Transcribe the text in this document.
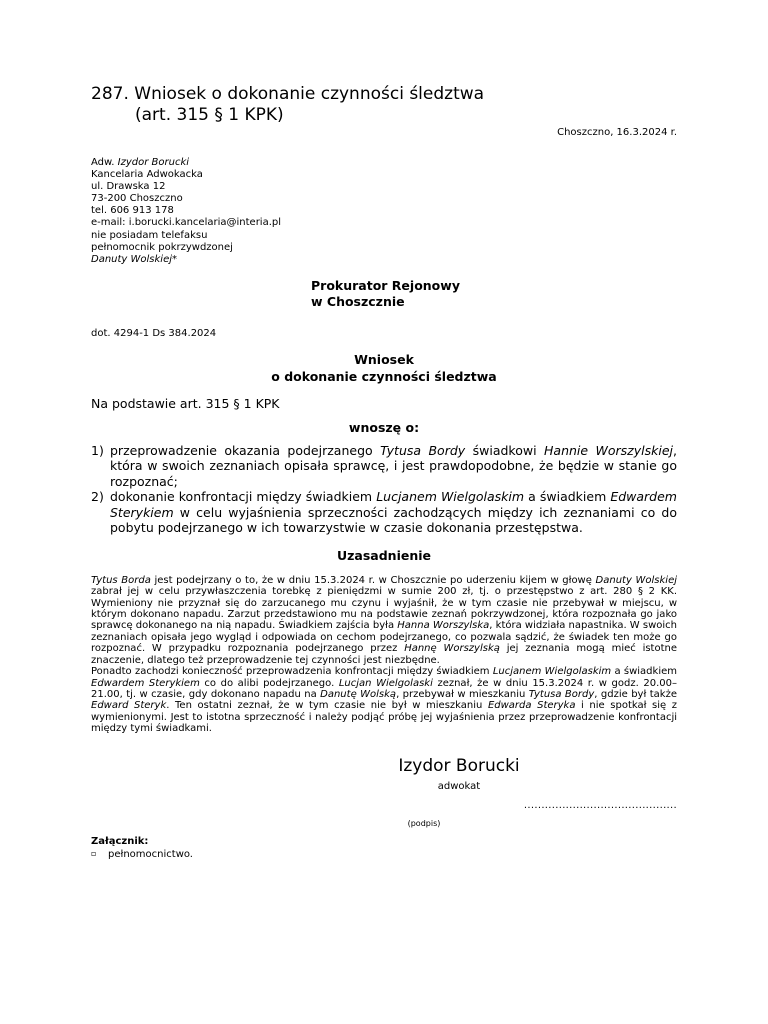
287. Wniosek o dokonanie czynności śledztwa
(art. 315 § 1 KPK)
Choszczno, 16.3.2024 r.
Adw. Izydor Borucki
Kancelaria Adwokacka
ul. Drawska 12
73-200 Choszczno
tel. 606 913 178
e-mail: i.borucki.kancelaria@interia.pl
nie posiadam telefaksu
pełnomocnik pokrzywdzonej
Danuty Wolskiej*
Prokurator Rejonowy
w Choszcznie
dot. 4294-1 Ds 384.2024
Wniosek
o dokonanie czynności śledztwa
Na podstawie art. 315 § 1 KPK
wnoszę o:
1) przeprowadzenie okazania podejrzanego Tytusa Bordy świadkowi Hannie Worszylskiej, która w swoich zeznaniach opisała sprawcę, i jest prawdopodobne, że będzie w stanie go rozpoznać;
2) dokonanie konfrontacji między świadkiem Lucjanem Wielgolaskim a świadkiem Edwardem Sterykiem w celu wyjaśnienia sprzeczności zachodzących między ich zeznaniami co do pobytu podejrzanego w ich towarzystwie w czasie dokonania przestępstwa.
Uzasadnienie

Tytus Borda jest podejrzany o to, że w dniu 15.3.2024 r. w Choszcznie po uderzeniu kijem w głowę Danuty Wolskiej zabrał jej w celu przywłaszczenia torebkę z pieniędzmi w sumie 200 zł, tj. o przestępstwo z art. 280 § 2 KK. Wymieniony nie przyznał się do zarzucanego mu czynu i wyjaśnił, że w tym czasie nie przebywał w miejscu, w którym dokonano napadu. Zarzut przedstawiono mu na podstawie zeznań pokrzywdzonej, która rozpoznała go jako sprawcę dokonanego na nią napadu. Świadkiem zajścia była Hanna Worszylska, która widziała napastnika. W swoich zeznaniach opisała jego wygląd i odpowiada on cechom podejrzanego, co pozwala sądzić, że świadek ten może go rozpoznać. W przypadku rozpoznania podejrzanego przez Hannę Worszylską jej zeznania mogą mieć istotne znaczenie, dlatego też przeprowadzenie tej czynności jest niezbędne.

Ponadto zachodzi konieczność przeprowadzenia konfrontacji między świadkiem Lucjanem Wielgolaskim a świadkiem Edwardem Sterykiem co do alibi podejrzanego. Lucjan Wielgolaski zeznał, że w dniu 15.3.2024 r. w godz. 20.00–21.00, tj. w czasie, gdy dokonano napadu na Danutę Wolską, przebywał w mieszkaniu Tytusa Bordy, gdzie był także Edward Steryk. Ten ostatni zeznał, że w tym czasie nie był w mieszkaniu Edwarda Steryka i nie spotkał się z wymienionymi. Jest to istotna sprzeczność i należy podjąć próbę jej wyjaśnienia przez przeprowadzenie konfrontacji między tymi świadkami.

Izydor Borucki
adwokat
............................................
(podpis)
Załącznik:
▫	pełnomocnictwo.
